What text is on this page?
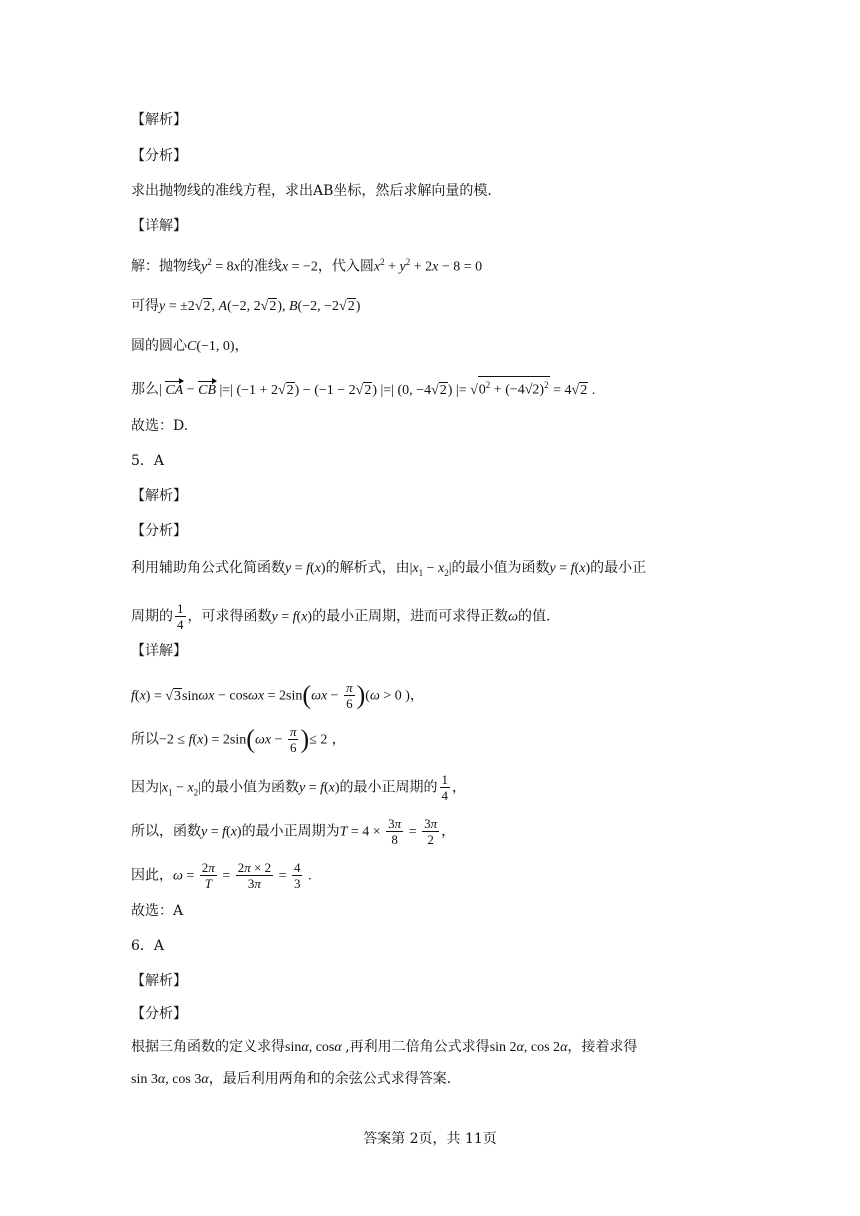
【解析】
【分析】
求出抛物线的准线方程，求出AB坐标，然后求解向量的模.
【详解】
解：抛物线$y^2 = 8x$的准线x = −2，代入圆$x^2 + y^2 + 2x - 8 = 0$
可得y = ±2√2, A(−2, 2√2), B(−2, −2√2)
圆的圆心C(−1, 0)，
那么| CA − CB |=| (−1 + 2√2) − (−1 − 2√2) |=| (0, −4√2) |= $√0^2 + (-4√2)^2 = 4√2$ .
故选：D.
5．A
【解析】
【分析】
利用辅助角公式化简函数y = f(x)的解析式，由$|x_1 - x_2|$的最小值为函数y = f(x)的最小正
周期的 $\frac{1}{4}$ ，可求得函数y = f(x)的最小正周期，进而可求得正数ω的值.
【详解】
$f(x) = √3\sin\omega x - \cos\omega x = 2\sin(\omega x - \frac{\pi}{6} )(\omega > 0$ )，
所以$-2 \le f(x) = 2\sin(\omega x - \frac{\pi}{6}$ )≤ 2 ，
因为$|x_1 - x_2|$的最小值为函数y = f(x)的最小正周期的 $\frac{1}{4}$ ，
所以，函数y = f(x)的最小正周期为$T = 4 \times \frac{3\pi}{8} = \frac{3\pi}{2}$ ，
因此，$\omega = \frac{2\pi}{T} = \frac{2\pi \times 2}{3\pi} = \frac{4}{3}$ .
故选：A
6．A
【解析】
【分析】
根据三角函数的定义求得sinα, cosα ,再利用二倍角公式求得sin 2α, cos 2α，接着求得
sin 3α, cos 3α，最后利用两角和的余弦公式求得答案.
答案第 2页，共 11页
